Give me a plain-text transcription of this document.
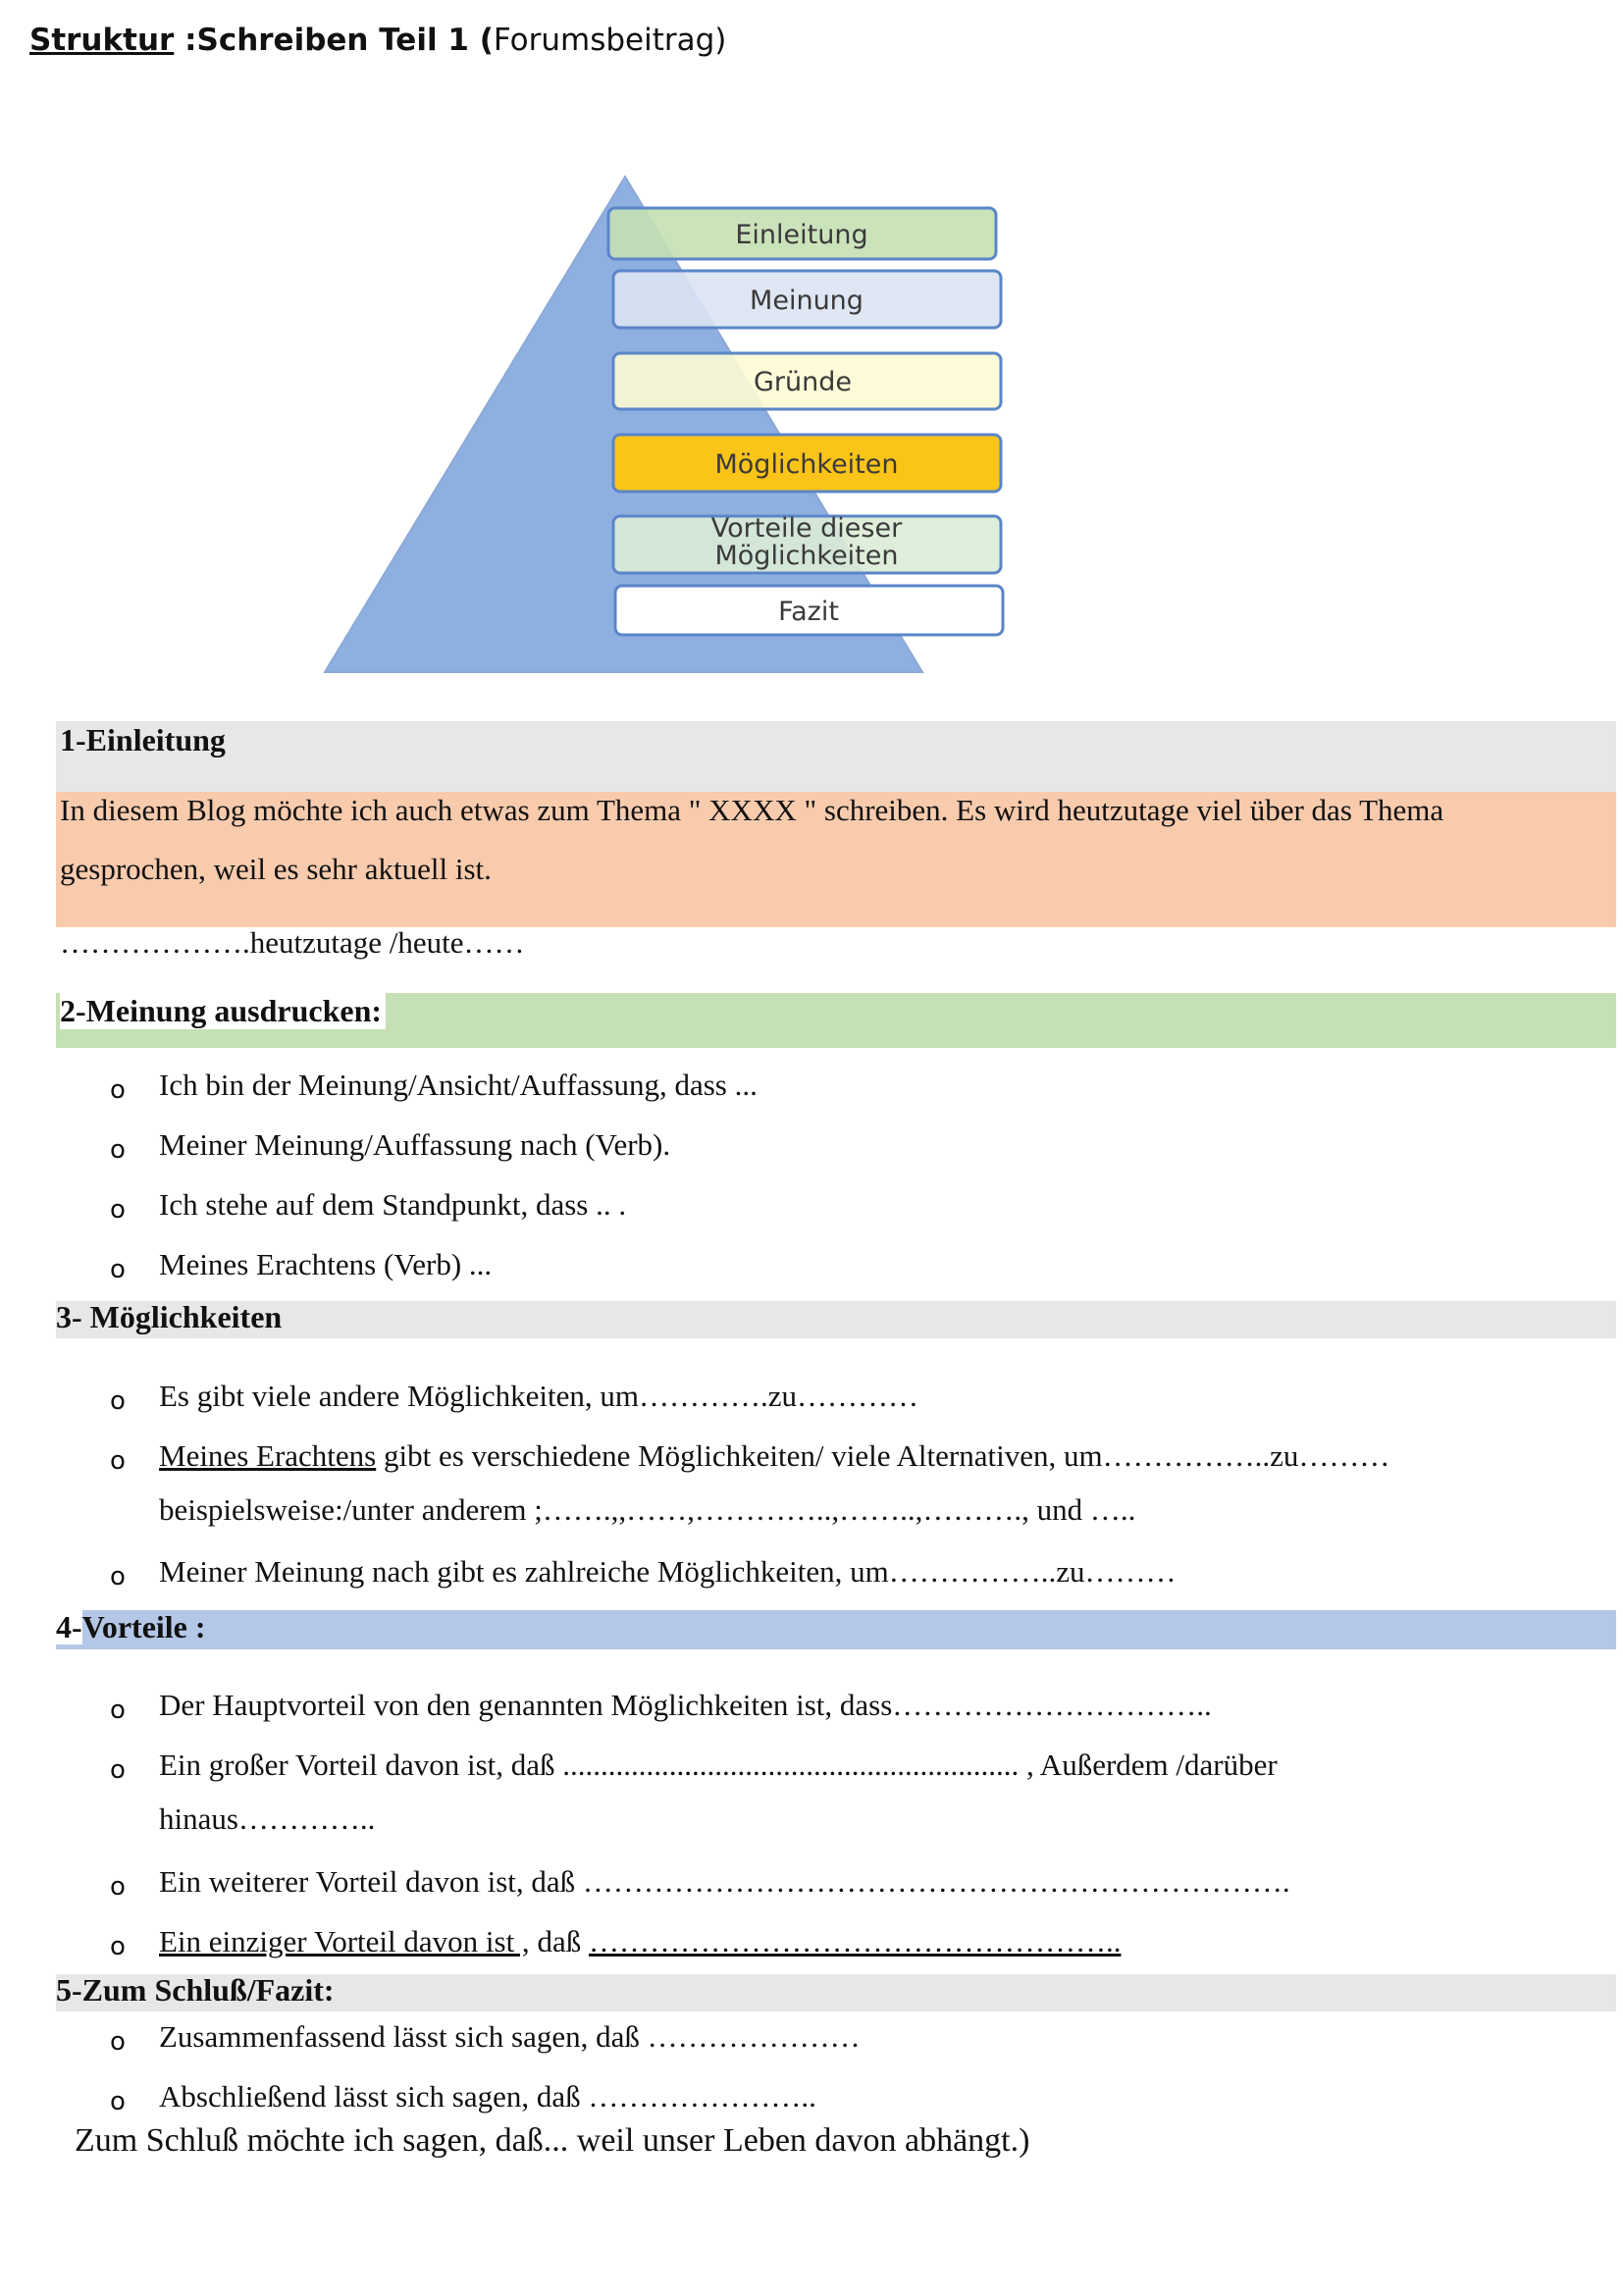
Struktur :Schreiben Teil 1 (Forumsbeitrag)
Einleitung
Meinung
Gründe
Möglichkeiten
Vorteile dieser
Möglichkeiten
Fazit
1-Einleitung
In diesem Blog möchte ich auch etwas zum Thema " XXXX " schreiben. Es wird heutzutage viel über das Thema
gesprochen, weil es sehr aktuell ist.
……………….heutzutage /heute……
2-Meinung ausdrucken:
o Ich bin der Meinung/Ansicht/Auffassung, dass ...
o Meiner Meinung/Auffassung nach (Verb).
o Ich stehe auf dem Standpunkt, dass .. .
o Meines Erachtens (Verb) ...
3- Möglichkeiten
o Es gibt viele andere Möglichkeiten, um………….zu…………
o Meines Erachtens gibt es verschiedene Möglichkeiten/ viele Alternativen, um……………..zu………
beispielsweise:/unter anderem ;…….,,……,…………..,……..,………., und …..
o Meiner Meinung nach gibt es zahlreiche Möglichkeiten, um……………..zu………
4-Vorteile :
o Der Hauptvorteil von den genannten Möglichkeiten ist, dass…………………………..
o Ein großer Vorteil davon ist, daß ............................................................ , Außerdem /darüber
hinaus…………..
o Ein weiterer Vorteil davon ist, daß …………………………………………………………….
o Ein einziger Vorteil davon ist , daß ……………………………………………..
5-Zum Schluß/Fazit:
o Zusammenfassend lässt sich sagen, daß …………………
o Abschließend lässt sich sagen, daß …………………..
Zum Schluß möchte ich sagen, daß... weil unser Leben davon abhängt.)
